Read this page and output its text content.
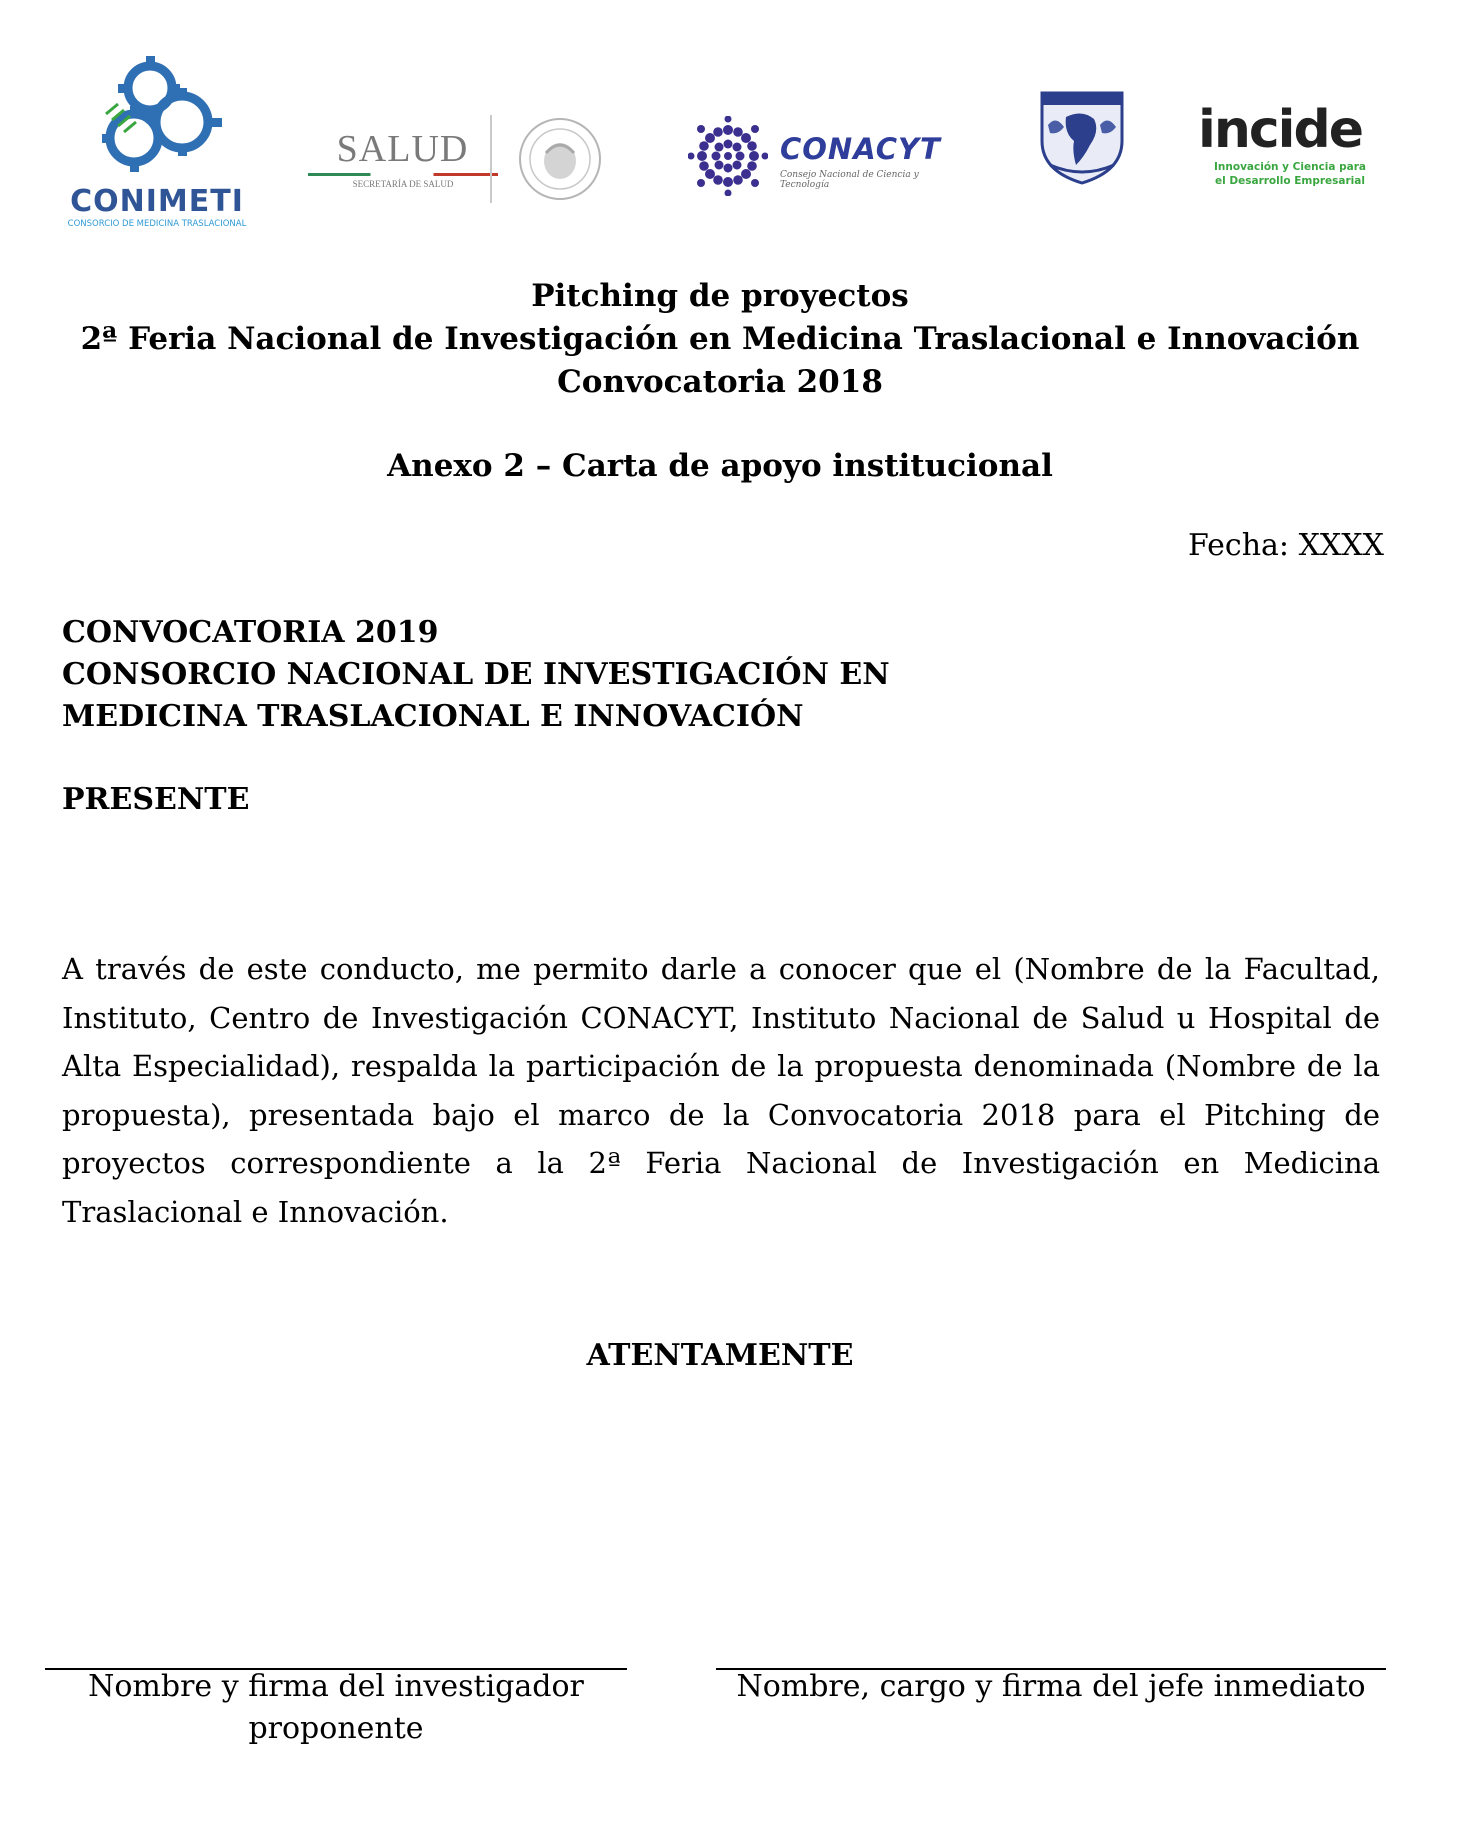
CONIMETI
CONSORCIO DE MEDICINA TRASLACIONAL
SALUD
SECRETARÍA DE SALUD
CONACYT
Consejo Nacional de Ciencia y Tecnología
incide
Innovación y Ciencia para
el Desarrollo Empresarial
Pitching de proyectos
2ª Feria Nacional de Investigación en Medicina Traslacional e Innovación
Convocatoria 2018
Anexo 2 – Carta de apoyo institucional
Fecha: XXXX
CONVOCATORIA 2019
CONSORCIO NACIONAL DE INVESTIGACIÓN EN
MEDICINA TRASLACIONAL E INNOVACIÓN
PRESENTE
A través de este conducto, me permito darle a conocer que el (Nombre de la Facultad, Instituto, Centro de Investigación CONACYT, Instituto Nacional de Salud u Hospital de Alta Especialidad), respalda la participación de la propuesta denominada (Nombre de la propuesta), presentada bajo el marco de la Convocatoria 2018 para el Pitching de proyectos correspondiente a la 2ª Feria Nacional de Investigación en Medicina Traslacional e Innovación.
ATENTAMENTE
Nombre y firma del investigador
proponente
Nombre, cargo y firma del jefe inmediato
